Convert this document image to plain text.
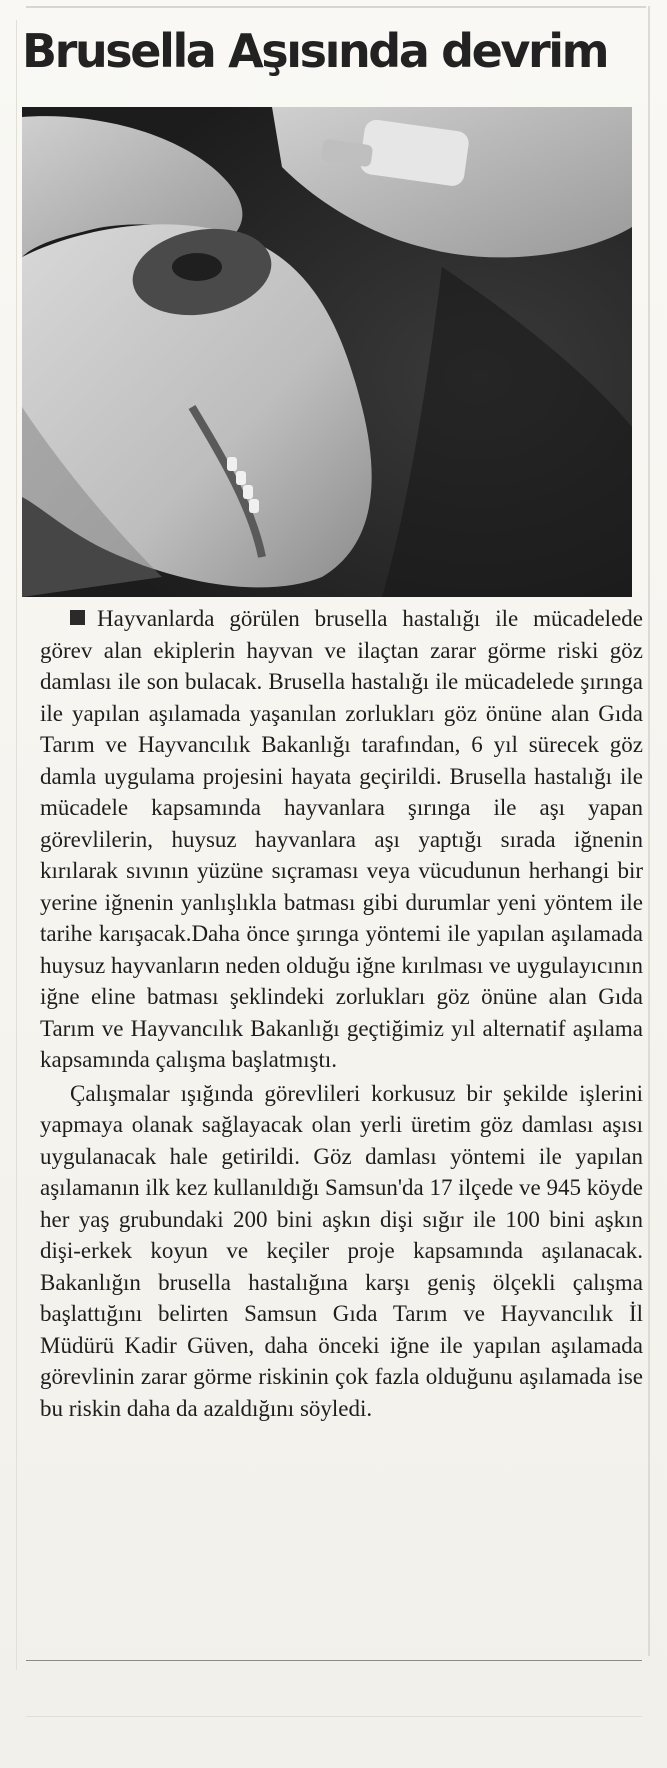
Brusella Aşısında devrim

Hayvanlarda görülen brusella hastalığı ile mücadelede görev alan ekiplerin hayvan ve ilaçtan zarar görme riski göz damlası ile son bulacak. Brusella hastalığı ile mücadelede şırınga ile yapılan aşılamada yaşanılan zorlukları göz önüne alan Gıda Tarım ve Hayvancılık Bakanlığı tarafından, 6 yıl sürecek göz damla uygulama projesini hayata geçirildi. Brusella hastalığı ile mücadele kapsamında hayvanlara şırınga ile aşı yapan görevlilerin, huysuz hayvanlara aşı yaptığı sırada iğnenin kırılarak sıvının yüzüne sıçraması veya vücudunun herhangi bir yerine iğnenin yanlışlıkla batması gibi durumlar yeni yöntem ile tarihe karışacak.Daha önce şırınga yöntemi ile yapılan aşılamada huysuz hayvanların neden olduğu iğne kırılması ve uygulayıcının iğne eline batması şeklindeki zorlukları göz önüne alan Gıda Tarım ve Hayvancılık Bakanlığı geçtiğimiz yıl alternatif aşılama kapsamında çalışma başlatmıştı.

Çalışmalar ışığında görevlileri korkusuz bir şekilde işlerini yapmaya olanak sağlayacak olan yerli üretim göz damlası aşısı uygulanacak hale getirildi. Göz damlası yöntemi ile yapılan aşılamanın ilk kez kullanıldığı Samsun'da 17 ilçede ve 945 köyde her yaş grubundaki 200 bini aşkın dişi sığır ile 100 bini aşkın dişi-erkek koyun ve keçiler proje kapsamında aşılanacak. Bakanlığın brusella hastalığına karşı geniş ölçekli çalışma başlattığını belirten Samsun Gıda Tarım ve Hayvancılık İl Müdürü Kadir Güven, daha önceki iğne ile yapılan aşılamada görevlinin zarar görme riskinin çok fazla olduğunu aşılamada ise bu riskin daha da azaldığını söyledi.
